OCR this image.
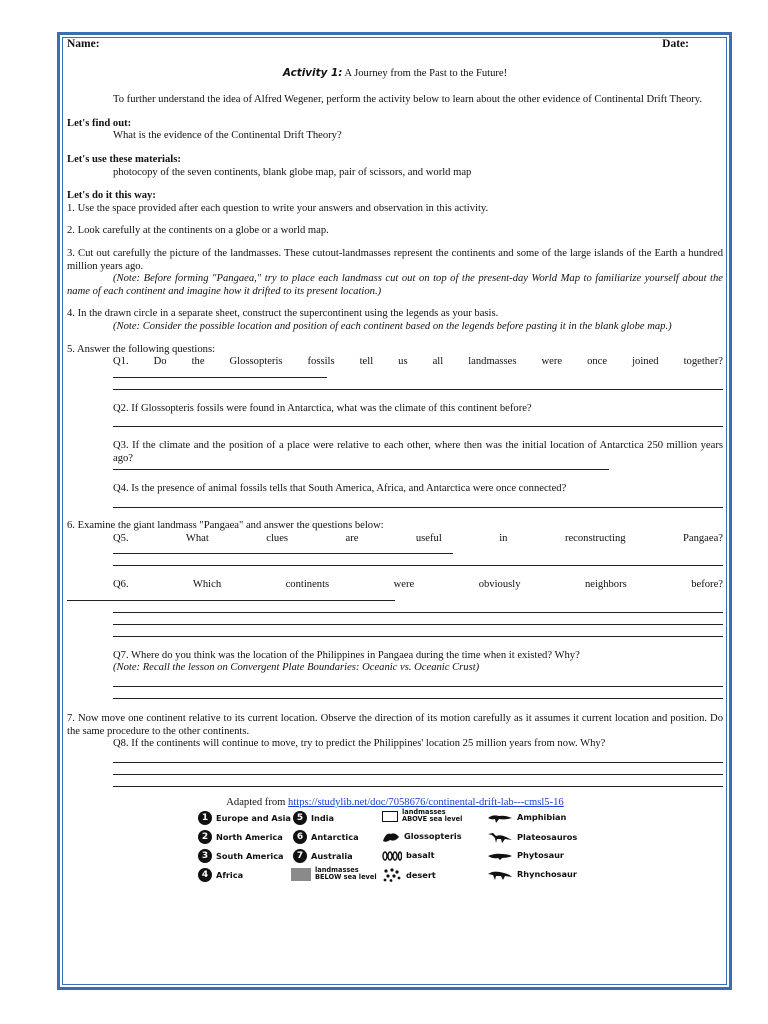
Name:	Date:
Activity 1: A Journey from the Past to the Future!
To further understand the idea of Alfred Wegener, perform the activity below to learn about the other evidence of Continental Drift Theory.
Let's find out:
What is the evidence of the Continental Drift Theory?
Let's use these materials:
photocopy of the seven continents, blank globe map, pair of scissors, and world map
Let's do it this way:
1. Use the space provided after each question to write your answers and observation in this activity.
2. Look carefully at the continents on a globe or a world map.
3. Cut out carefully the picture of the landmasses. These cutout-landmasses represent the continents and some of the large islands of the Earth a hundred million years ago.
(Note: Before forming "Pangaea," try to place each landmass cut out on top of the present-day World Map to familiarize yourself about the name of each continent and imagine how it drifted to its present location.)
4. In the drawn circle in a separate sheet, construct the supercontinent using the legends as your basis.
(Note: Consider the possible location and position of each continent based on the legends before pasting it in the blank globe map.)
5. Answer the following questions:
Q1. Do the Glossopteris fossils tell us all landmasses were once joined together?
Q2. If Glossopteris fossils were found in Antarctica, what was the climate of this continent before?
Q3. If the climate and the position of a place were relative to each other, where then was the initial location of Antarctica 250 million years ago?
Q4. Is the presence of animal fossils tells that South America, Africa, and Antarctica were once connected?
6. Examine the giant landmass "Pangaea" and answer the questions below:
Q5. What clues are useful in reconstructing Pangaea?
Q6. Which continents were obviously neighbors before?
Q7. Where do you think was the location of the Philippines in Pangaea during the time when it existed? Why?
(Note: Recall the lesson on Convergent Plate Boundaries: Oceanic vs. Oceanic Crust)
7. Now move one continent relative to its current location. Observe the direction of its motion carefully as it assumes it current location and position. Do the same procedure to the other continents.
Q8. If the continents will continue to move, try to predict the Philippines' location 25 million years from now. Why?
Adapted from https://studylib.net/doc/7058676/continental-drift-lab---cmsl5-16
1 Europe and Asia
2 North America
3 South America
4 Africa
5 India
6 Antarctica
7 Australia
landmasses
BELOW sea level
landmasses
ABOVE sea level
Glossopteris
basalt
desert
Amphibian
Plateosauros
Phytosaur
Rhynchosaur
